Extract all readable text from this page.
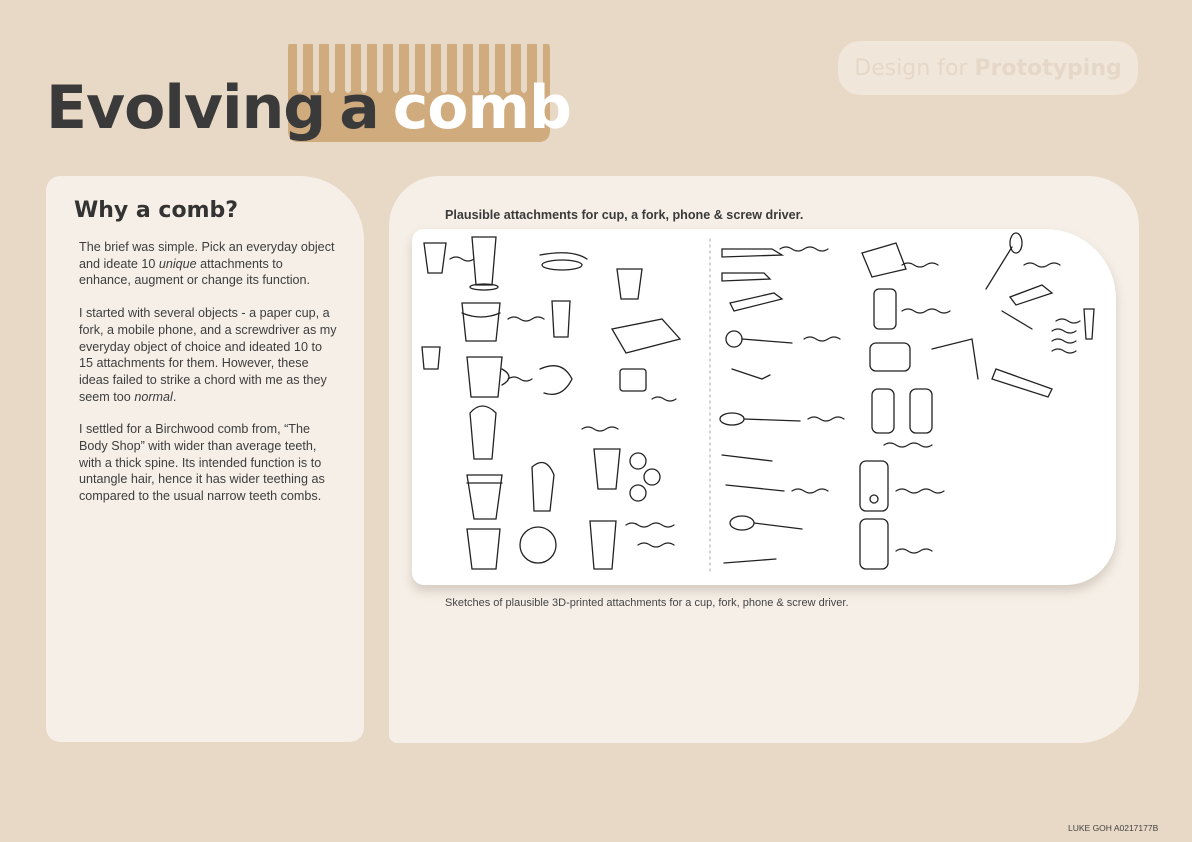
Evolving a comb
Design for Prototyping
Why a comb?

The brief was simple. Pick an everyday object and ideate 10 unique attachments to enhance, augment or change its function.

I started with several objects - a paper cup, a fork, a mobile phone, and a screwdriver as my everyday object of choice and ideated 10 to 15 attachments for them. However, these ideas failed to strike a chord with me as they seem too normal.

I settled for a Birchwood comb from, “The Body Shop” with wider than average teeth, with a thick spine. Its intended function is to untangle hair, hence it has wider teething as compared to the usual narrow teeth combs.

Plausible attachments for cup, a fork, phone & screw driver.

Sketches of plausible 3D-printed attachments for a cup, fork, phone & screw driver.

LUKE GOH A0217177B
